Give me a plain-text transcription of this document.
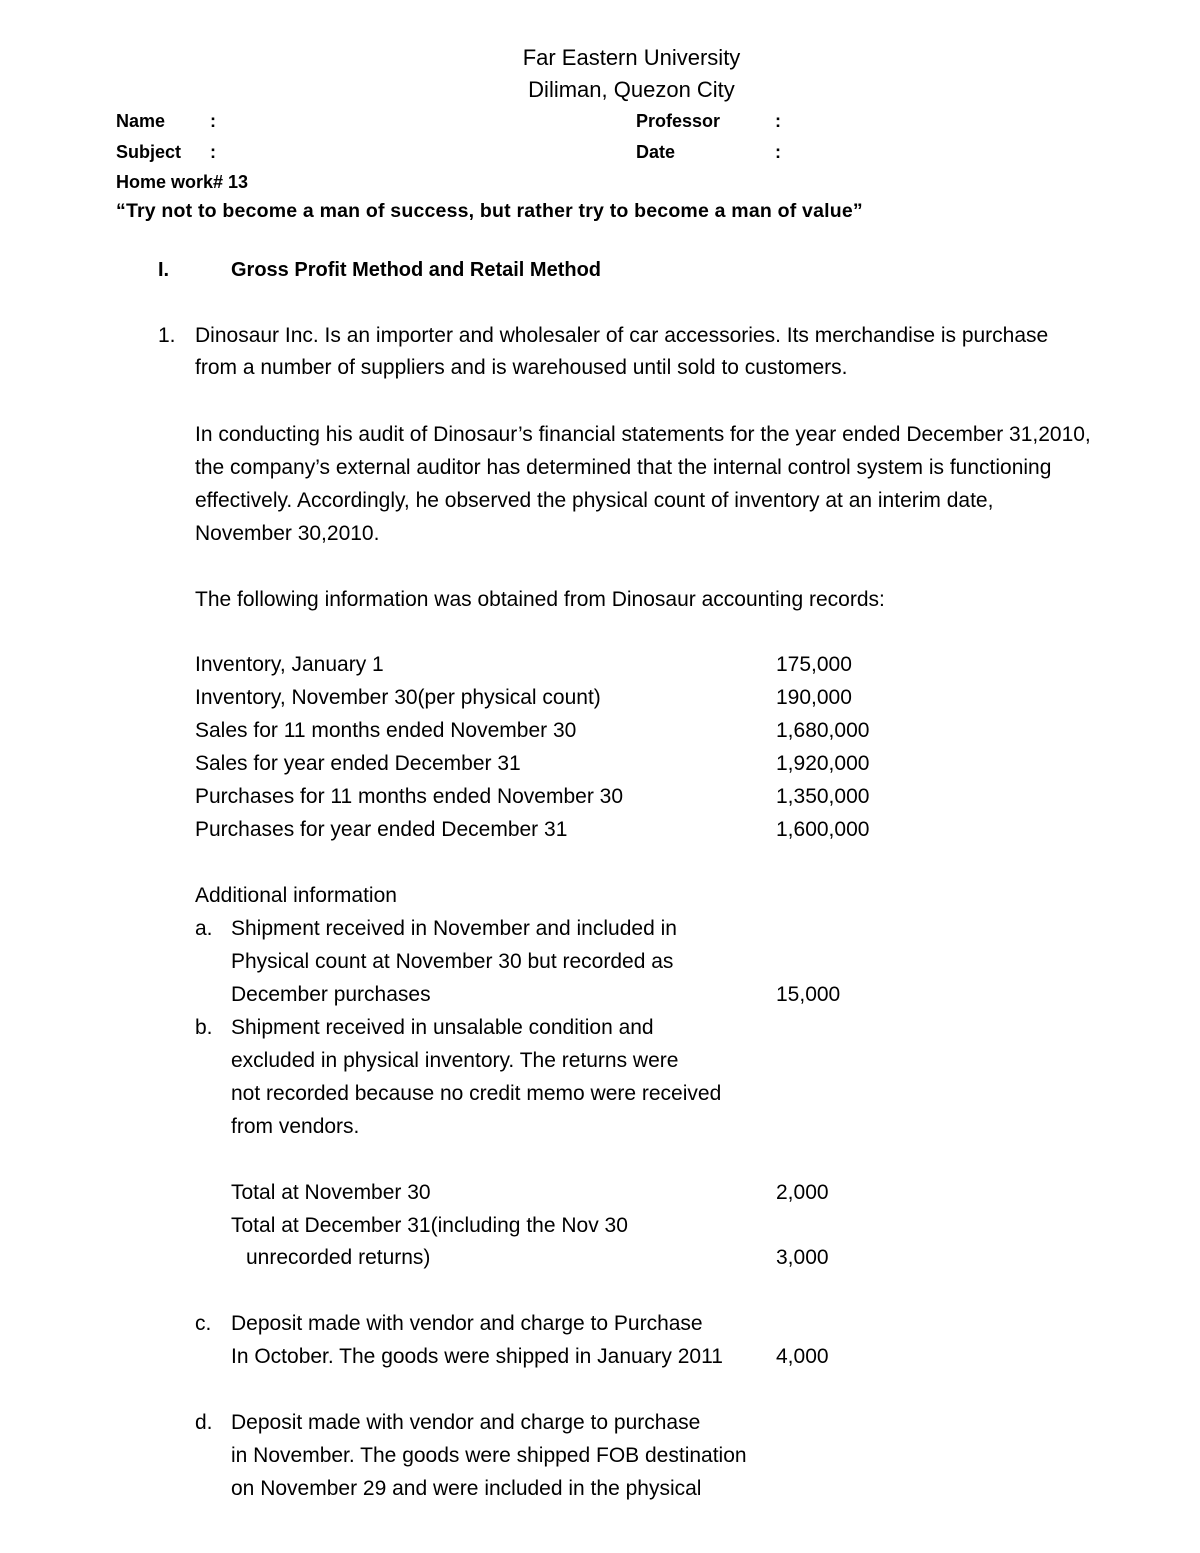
Far Eastern University
Diliman, Quezon City
Name :	Professor	:
Subject :	Date	:
Home work# 13
“Try not to become a man of success, but rather try to become a man of value”
I.	Gross Profit Method and Retail Method
1. Dinosaur Inc. Is an importer and wholesaler of car accessories. Its merchandise is purchase
from a number of suppliers and is warehoused until sold to customers.
In conducting his audit of Dinosaur’s financial statements for the year ended December 31,2010,
the company’s external auditor has determined that the internal control system is functioning
effectively. Accordingly, he observed the physical count of inventory at an interim date,
November 30,2010.
The following information was obtained from Dinosaur accounting records:
Inventory, January 1	175,000
Inventory, November 30(per physical count)	190,000
Sales for 11 months ended November 30	1,680,000
Sales for year ended December 31	1,920,000
Purchases for 11 months ended November 30	1,350,000
Purchases for year ended December 31	1,600,000
Additional information
a. Shipment received in November and included in
Physical count at November 30 but recorded as
December purchases	15,000
b. Shipment received in unsalable condition and
excluded in physical inventory. The returns were
not recorded because no credit memo were received
from vendors.
Total at November 30	2,000
Total at December 31(including the Nov 30
unrecorded returns)	3,000
c. Deposit made with vendor and charge to Purchase
In October. The goods were shipped in January 2011	4,000
d. Deposit made with vendor and charge to purchase
in November. The goods were shipped FOB destination
on November 29 and were included in the physical
